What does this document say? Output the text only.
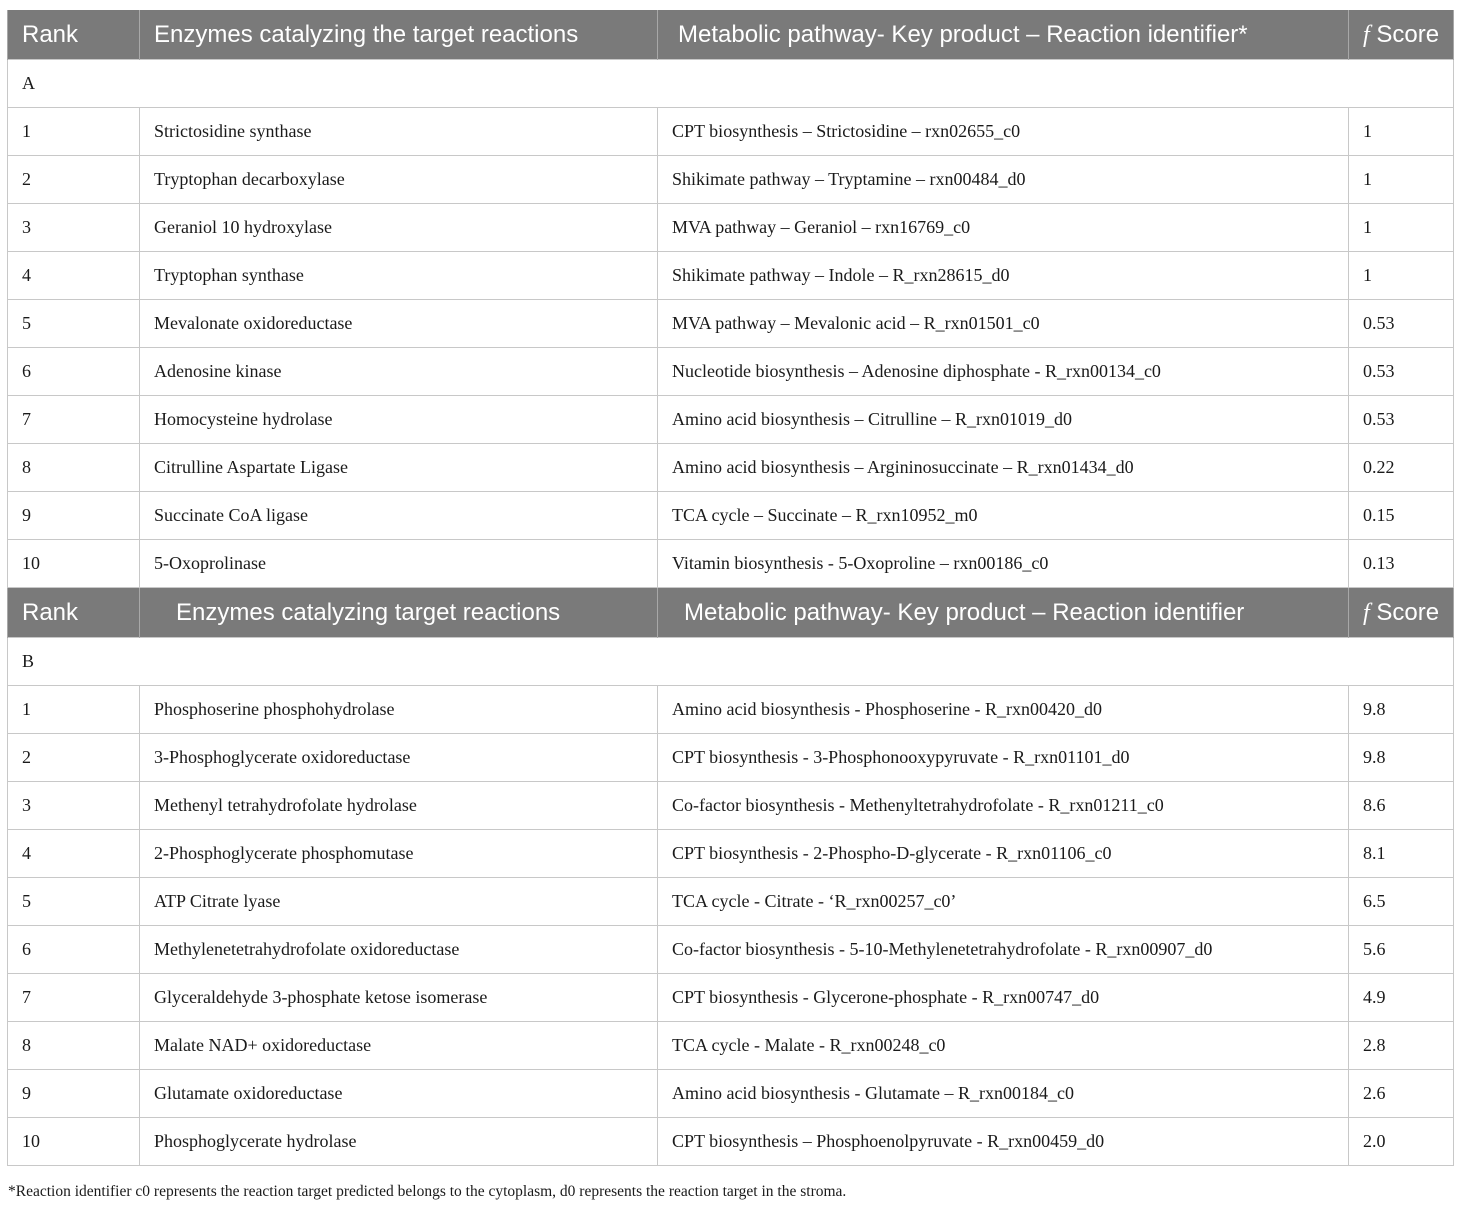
Rank	Enzymes catalyzing the target reactions	Metabolic pathway- Key product – Reaction identifier*	f Score
A			
1	Strictosidine synthase	CPT biosynthesis – Strictosidine – rxn02655_c0	1
2	Tryptophan decarboxylase	Shikimate pathway – Tryptamine – rxn00484_d0	1
3	Geraniol 10 hydroxylase	MVA pathway – Geraniol – rxn16769_c0	1
4	Tryptophan synthase	Shikimate pathway – Indole – R_rxn28615_d0	1
5	Mevalonate oxidoreductase	MVA pathway – Mevalonic acid – R_rxn01501_c0	0.53
6	Adenosine kinase	Nucleotide biosynthesis – Adenosine diphosphate - R_rxn00134_c0	0.53
7	Homocysteine hydrolase	Amino acid biosynthesis – Citrulline – R_rxn01019_d0	0.53
8	Citrulline Aspartate Ligase	Amino acid biosynthesis – Argininosuccinate – R_rxn01434_d0	0.22
9	Succinate CoA ligase	TCA cycle – Succinate – R_rxn10952_m0	0.15
10	5-Oxoprolinase	Vitamin biosynthesis - 5-Oxoproline – rxn00186_c0	0.13
Rank	Enzymes catalyzing target reactions	Metabolic pathway- Key product – Reaction identifier	f Score
B			
1	Phosphoserine phosphohydrolase	Amino acid biosynthesis - Phosphoserine - R_rxn00420_d0	9.8
2	3-Phosphoglycerate oxidoreductase	CPT biosynthesis - 3-Phosphonooxypyruvate - R_rxn01101_d0	9.8
3	Methenyl tetrahydrofolate hydrolase	Co-factor biosynthesis - Methenyltetrahydrofolate - R_rxn01211_c0	8.6
4	2-Phosphoglycerate phosphomutase	CPT biosynthesis - 2-Phospho-D-glycerate - R_rxn01106_c0	8.1
5	ATP Citrate lyase	TCA cycle - Citrate - ‘R_rxn00257_c0’	6.5
6	Methylenetetrahydrofolate oxidoreductase	Co-factor biosynthesis - 5-10-Methylenetetrahydrofolate - R_rxn00907_d0	5.6
7	Glyceraldehyde 3-phosphate ketose isomerase	CPT biosynthesis - Glycerone-phosphate - R_rxn00747_d0	4.9
8	Malate NAD+ oxidoreductase	TCA cycle - Malate - R_rxn00248_c0	2.8
9	Glutamate oxidoreductase	Amino acid biosynthesis - Glutamate – R_rxn00184_c0	2.6
10	Phosphoglycerate hydrolase	CPT biosynthesis – Phosphoenolpyruvate - R_rxn00459_d0	2.0
*Reaction identifier c0 represents the reaction target predicted belongs to the cytoplasm, d0 represents the reaction target in the stroma.
